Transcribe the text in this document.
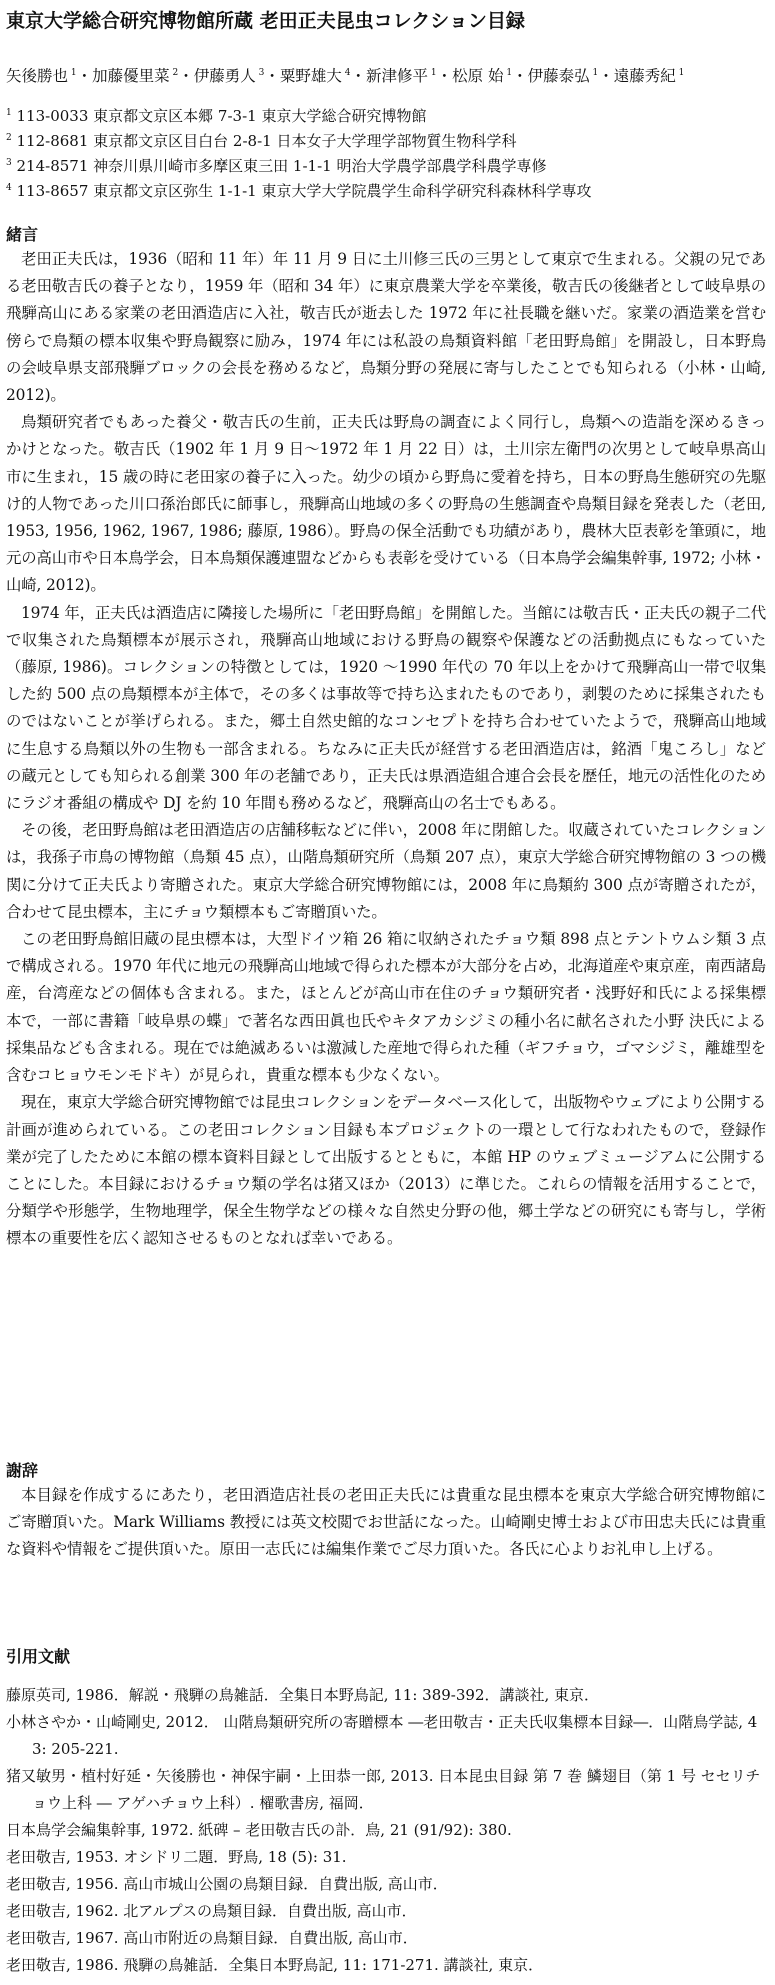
東京大学総合研究博物館所蔵 老田正夫昆虫コレクション目録
矢後勝也 $^1$・加藤優里菜 $^2$・伊藤勇人 $^3$・粟野雄大 $^4$・新津修平 $^1$・松原 始 $^1$・伊藤泰弘 $^1$・遠藤秀紀 $^1$
$^1$ 113-0033 東京都文京区本郷 7-3-1 東京大学総合研究博物館
$^2$ 112-8681 東京都文京区目白台 2-8-1 日本女子大学理学部物質生物科学科
$^3$ 214-8571 神奈川県川崎市多摩区東三田 1-1-1 明治大学農学部農学科農学専修
$^4$ 113-8657 東京都文京区弥生 1-1-1 東京大学大学院農学生命科学研究科森林科学専攻
緒言

老田正夫氏は，1936（昭和 11 年）年 11 月 9 日に土川修三氏の三男として東京で生まれる。父親の兄である老田敬吉氏の養子となり，1959 年（昭和 34 年）に東京農業大学を卒業後，敬吉氏の後継者として岐阜県の飛騨高山にある家業の老田酒造店に入社，敬吉氏が逝去した 1972 年に社長職を継いだ。家業の酒造業を営む傍らで鳥類の標本収集や野鳥観察に励み，1974 年には私設の鳥類資料館「老田野鳥館」を開設し，日本野鳥の会岐阜県支部飛騨ブロックの会長を務めるなど，鳥類分野の発展に寄与したことでも知られる（小林・山崎, 2012)。

鳥類研究者でもあった養父・敬吉氏の生前，正夫氏は野鳥の調査によく同行し，鳥類への造詣を深めるきっかけとなった。敬吉氏（1902 年 1 月 9 日〜1972 年 1 月 22 日）は，土川宗左衛門の次男として岐阜県高山市に生まれ，15 歳の時に老田家の養子に入った。幼少の頃から野鳥に愛着を持ち，日本の野鳥生態研究の先駆け的人物であった川口孫治郎氏に師事し，飛騨高山地域の多くの野鳥の生態調査や鳥類目録を発表した（老田, 1953, 1956, 1962, 1967, 1986; 藤原, 1986）。野鳥の保全活動でも功績があり，農林大臣表彰を筆頭に，地元の高山市や日本鳥学会，日本鳥類保護連盟などからも表彰を受けている（日本鳥学会編集幹事, 1972; 小林・山崎, 2012)。

1974 年，正夫氏は酒造店に隣接した場所に「老田野鳥館」を開館した。当館には敬吉氏・正夫氏の親子二代で収集された鳥類標本が展示され，飛騨高山地域における野鳥の観察や保護などの活動拠点にもなっていた（藤原, 1986)。コレクションの特徴としては，1920 〜1990 年代の 70 年以上をかけて飛騨高山一帯で収集した約 500 点の鳥類標本が主体で，その多くは事故等で持ち込まれたものであり，剥製のために採集されたものではないことが挙げられる。また，郷土自然史館的なコンセプトを持ち合わせていたようで，飛騨高山地域に生息する鳥類以外の生物も一部含まれる。ちなみに正夫氏が経営する老田酒造店は，銘酒「鬼ころし」などの蔵元としても知られる創業 300 年の老舗であり，正夫氏は県酒造組合連合会長を歴任，地元の活性化のためにラジオ番組の構成や DJ を約 10 年間も務めるなど，飛騨高山の名士でもある。

その後，老田野鳥館は老田酒造店の店舗移転などに伴い，2008 年に閉館した。収蔵されていたコレクションは，我孫子市鳥の博物館（鳥類 45 点），山階鳥類研究所（鳥類 207 点），東京大学総合研究博物館の 3 つの機関に分けて正夫氏より寄贈された。東京大学総合研究博物館には，2008 年に鳥類約 300 点が寄贈されたが，合わせて昆虫標本，主にチョウ類標本もご寄贈頂いた。

この老田野鳥館旧蔵の昆虫標本は，大型ドイツ箱 26 箱に収納されたチョウ類 898 点とテントウムシ類 3 点で構成される。1970 年代に地元の飛騨高山地域で得られた標本が大部分を占め，北海道産や東京産，南西諸島産，台湾産などの個体も含まれる。また，ほとんどが高山市在住のチョウ類研究者・浅野好和氏による採集標本で，一部に書籍「岐阜県の蝶」で著名な西田眞也氏やキタアカシジミの種小名に献名された小野 決氏による採集品なども含まれる。現在では絶滅あるいは激減した産地で得られた種（ギフチョウ，ゴマシジミ，離雄型を含むコヒョウモンモドキ）が見られ，貴重な標本も少なくない。

現在，東京大学総合研究博物館では昆虫コレクションをデータベース化して，出版物やウェブにより公開する計画が進められている。この老田コレクション目録も本プロジェクトの一環として行なわれたもので，登録作業が完了したために本館の標本資料目録として出版するとともに，本館 HP のウェブミュージアムに公開することにした。本目録におけるチョウ類の学名は猪又ほか（2013）に準じた。これらの情報を活用することで，分類学や形態学，生物地理学，保全生物学などの様々な自然史分野の他，郷土学などの研究にも寄与し，学術標本の重要性を広く認知させるものとなれば幸いである。

謝辞

本目録を作成するにあたり，老田酒造店社長の老田正夫氏には貴重な昆虫標本を東京大学総合研究博物館にご寄贈頂いた。Mark Williams 教授には英文校閲でお世話になった。山崎剛史博士および市田忠夫氏には貴重な資料や情報をご提供頂いた。原田一志氏には編集作業でご尽力頂いた。各氏に心よりお礼申し上げる。

引用文献

藤原英司, 1986．解説・飛騨の鳥雑話．全集日本野鳥記, 11: 389-392．講談社, 東京．

小林さやか・山崎剛史, 2012． 山階鳥類研究所の寄贈標本 ―老田敬吉・正夫氏収集標本目録―．山階鳥学誌, 43: 205-221.

猪又敏男・植村好延・矢後勝也・神保宇嗣・上田恭一郎, 2013. 日本昆虫目録 第 7 巻 鱗翅目（第 1 号 セセリチョウ上科 ― アゲハチョウ上科）. 櫂歌書房, 福岡．

日本鳥学会編集幹事, 1972. 紙碑 – 老田敬吉氏の訃．鳥, 21 (91/92): 380.

老田敬吉, 1953. オシドリ二題．野鳥, 18 (5): 31.

老田敬吉, 1956. 高山市城山公園の鳥類目録．自費出版, 高山市．

老田敬吉, 1962. 北アルプスの鳥類目録．自費出版, 高山市．

老田敬吉, 1967. 高山市附近の鳥類目録．自費出版, 高山市．

老田敬吉, 1986. 飛騨の鳥雑話．全集日本野鳥記, 11: 171-271. 講談社, 東京．
